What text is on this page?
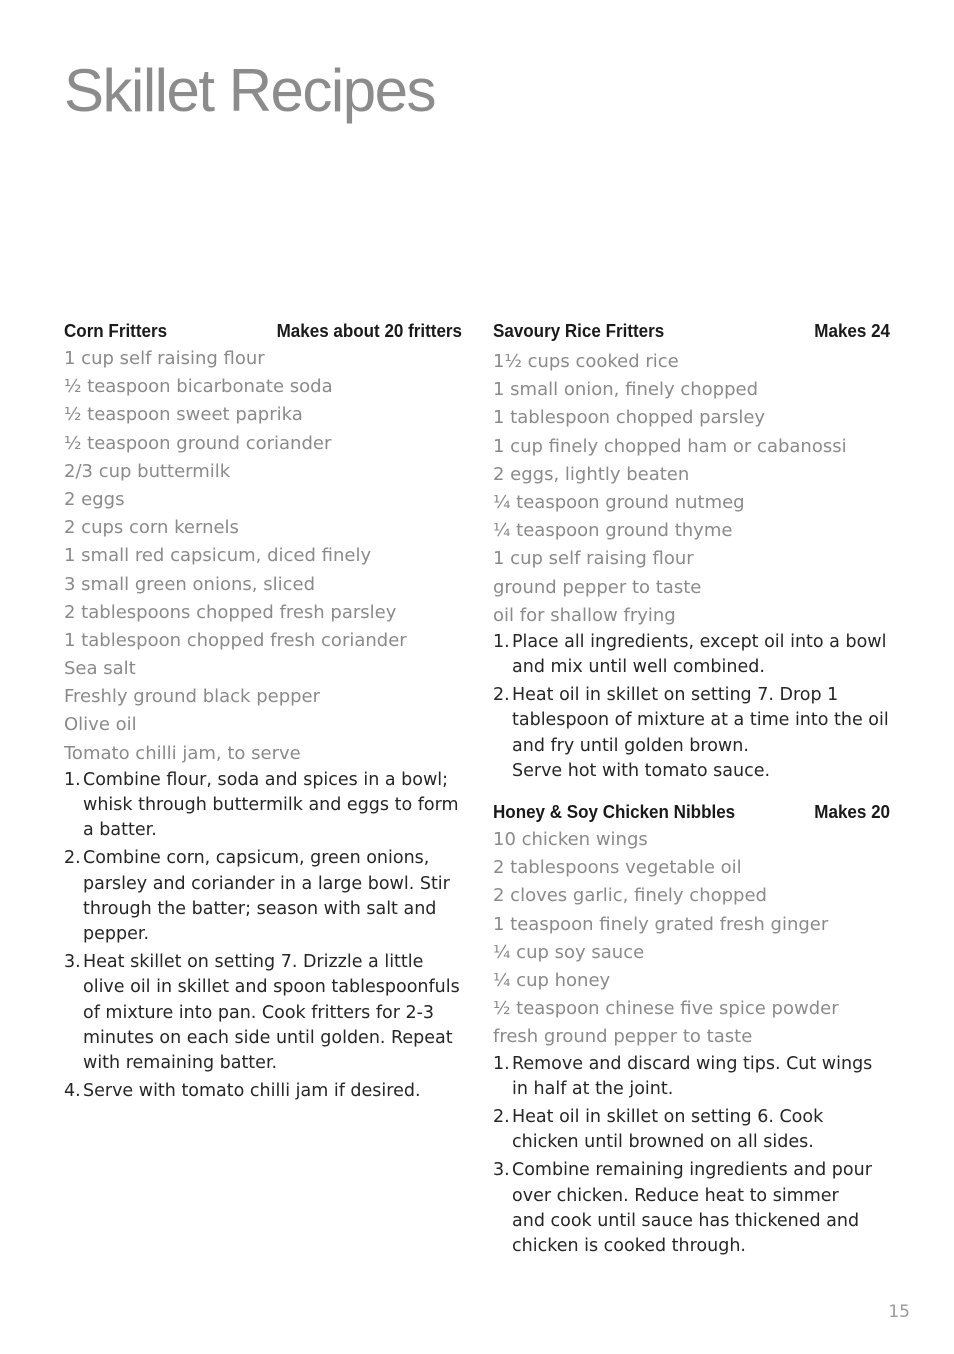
Skillet Recipes
Corn Fritters	Makes about 20 fritters
1 cup self raising flour
½ teaspoon bicarbonate soda
½ teaspoon sweet paprika
½ teaspoon ground coriander
2/3 cup buttermilk
2 eggs
2 cups corn kernels
1 small red capsicum, diced finely
3 small green onions, sliced
2 tablespoons chopped fresh parsley
1 tablespoon chopped fresh coriander
Sea salt
Freshly ground black pepper
Olive oil
Tomato chilli jam, to serve
1. Combine flour, soda and spices in a bowl;
whisk through buttermilk and eggs to form
a batter.
2. Combine corn, capsicum, green onions,
parsley and coriander in a large bowl. Stir
through the batter; season with salt and
pepper.
3. Heat skillet on setting 7. Drizzle a little
olive oil in skillet and spoon tablespoonfuls
of mixture into pan. Cook fritters for 2-3
minutes on each side until golden. Repeat
with remaining batter.
4. Serve with tomato chilli jam if desired.
Savoury Rice Fritters	Makes 24
1½ cups cooked rice
1 small onion, finely chopped
1 tablespoon chopped parsley
1 cup finely chopped ham or cabanossi
2 eggs, lightly beaten
¼ teaspoon ground nutmeg
¼ teaspoon ground thyme
1 cup self raising flour
ground pepper to taste
oil for shallow frying
1. Place all ingredients, except oil into a bowl
and mix until well combined.
2. Heat oil in skillet on setting 7. Drop 1
tablespoon of mixture at a time into the oil
and fry until golden brown.
Serve hot with tomato sauce.
Honey & Soy Chicken Nibbles	Makes 20
10 chicken wings
2 tablespoons vegetable oil
2 cloves garlic, finely chopped
1 teaspoon finely grated fresh ginger
¼ cup soy sauce
¼ cup honey
½ teaspoon chinese five spice powder
fresh ground pepper to taste
1. Remove and discard wing tips. Cut wings
in half at the joint.
2. Heat oil in skillet on setting 6. Cook
chicken until browned on all sides.
3. Combine remaining ingredients and pour
over chicken. Reduce heat to simmer
and cook until sauce has thickened and
chicken is cooked through.
15
